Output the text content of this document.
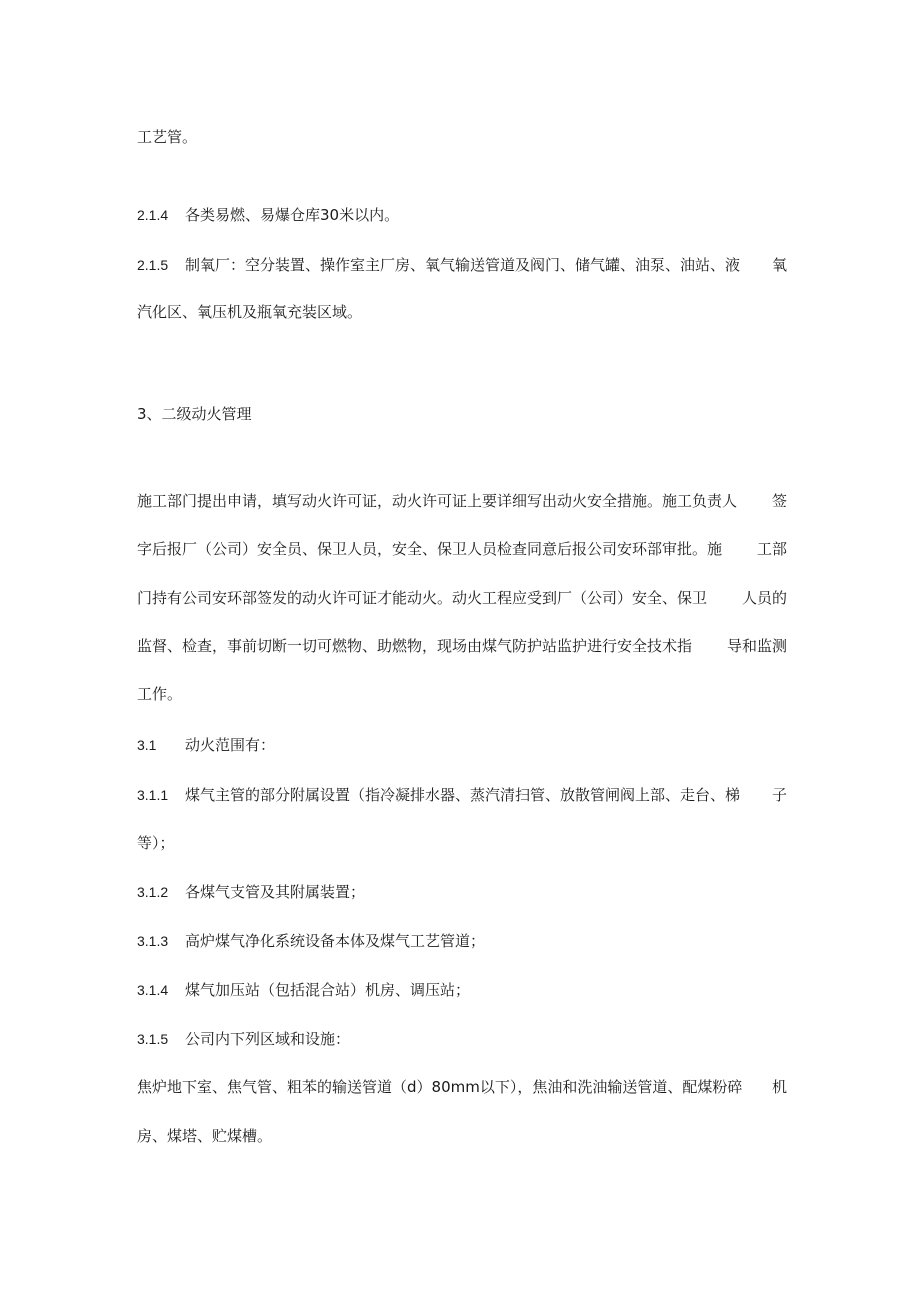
工艺管。
2.1.4 各类易燃、易爆仓库30米以内。
2.1.5 制氧厂：空分装置、操作室主厂房、氧气输送管道及阀门、储气罐、油泵、油站、液 氧
汽化区、氧压机及瓶氧充装区域。
3、二级动火管理
施工部门提出申请，填写动火许可证，动火许可证上要详细写出动火安全措施。施工负责人 签
字后报厂（公司）安全员、保卫人员，安全、保卫人员检查同意后报公司安环部审批。施 工部
门持有公司安环部签发的动火许可证才能动火。动火工程应受到厂（公司）安全、保卫 人员的
监督、检查，事前切断一切可燃物、助燃物，现场由煤气防护站监护进行安全技术指 导和监测
工作。
3.1 动火范围有：
3.1.1 煤气主管的部分附属设置（指冷凝排水器、蒸汽清扫管、放散管闸阀上部、走台、梯 子
等）；
3.1.2 各煤气支管及其附属装置；
3.1.3 高炉煤气净化系统设备本体及煤气工艺管道；
3.1.4 煤气加压站（包括混合站）机房、调压站；
3.1.5 公司内下列区域和设施：
焦炉地下室、焦气管、粗苯的输送管道（d）80mm以下），焦油和洗油输送管道、配煤粉碎 机
房、煤塔、贮煤槽。
